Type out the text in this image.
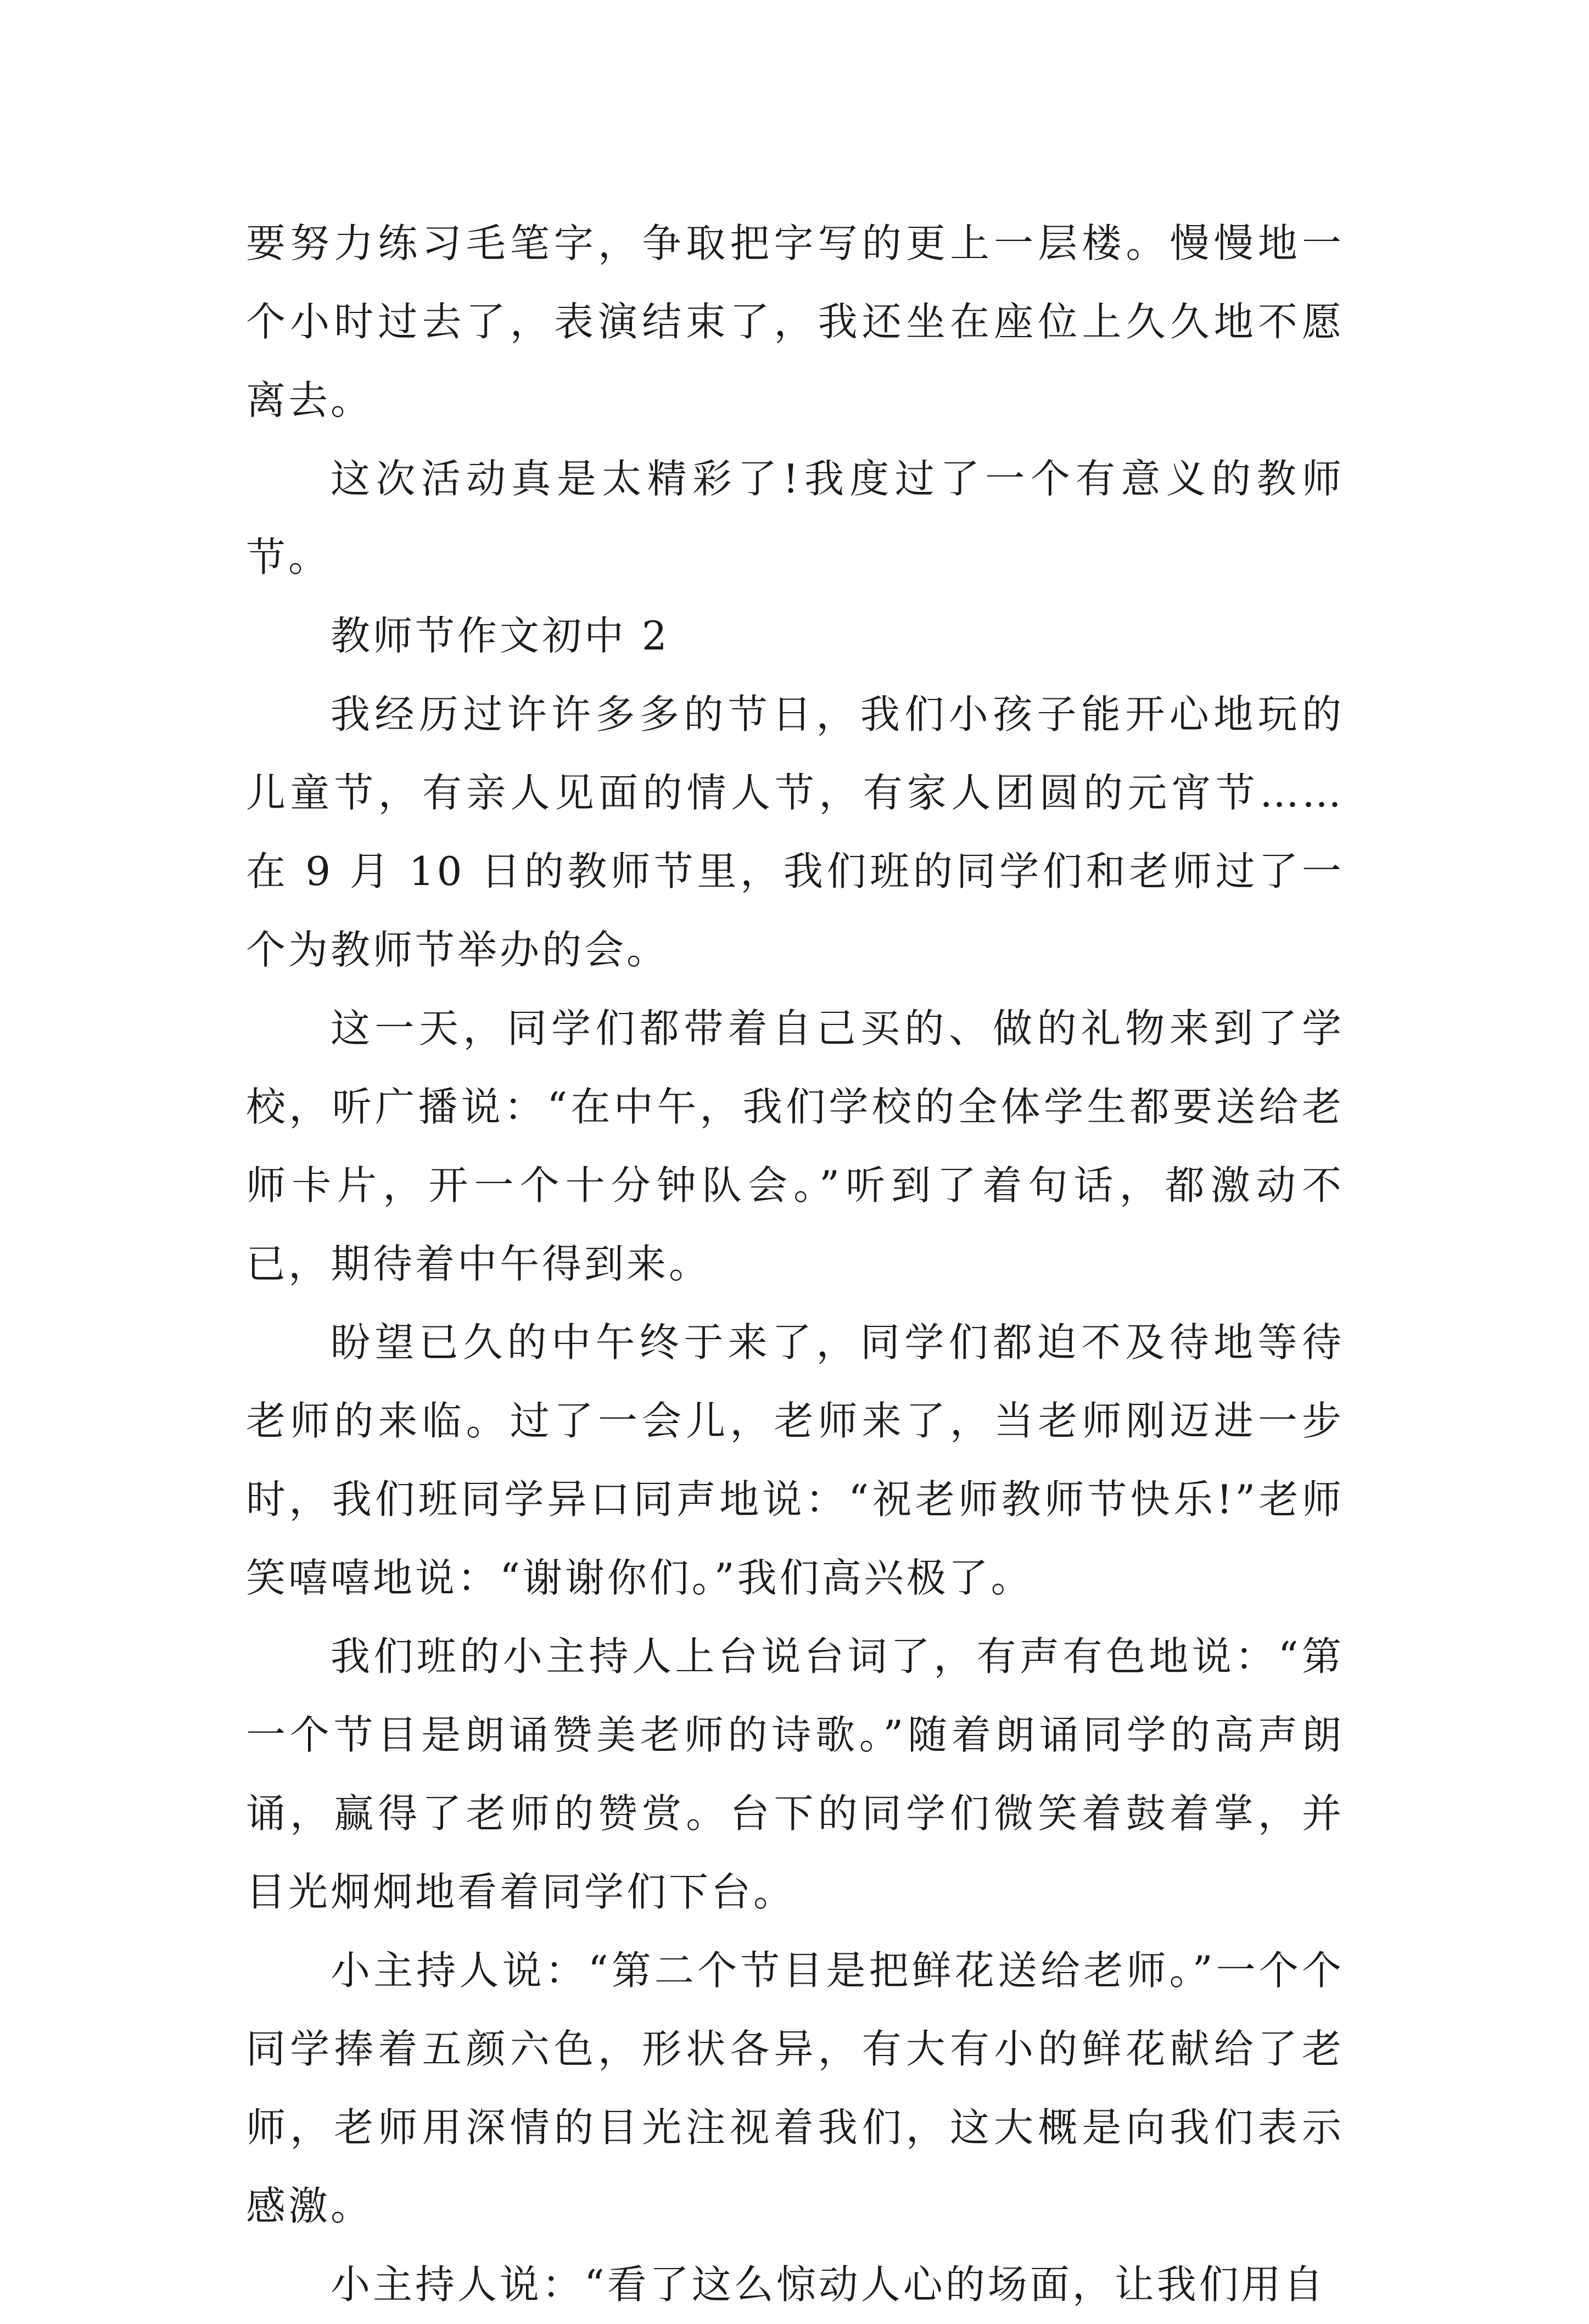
要努力练习毛笔字，争取把字写的更上一层楼。慢慢地一个小时过去了，表演结束了，我还坐在座位上久久地不愿离去。

这次活动真是太精彩了!我度过了一个有意义的教师节。

教师节作文初中 2

我经历过许许多多的节日，我们小孩子能开心地玩的儿童节，有亲人见面的情人节，有家人团圆的元宵节……在 9 月 10 日的教师节里，我们班的同学们和老师过了一个为教师节举办的会。

这一天，同学们都带着自己买的、做的礼物来到了学校，听广播说：“在中午，我们学校的全体学生都要送给老师卡片，开一个十分钟队会。”听到了着句话，都激动不已，期待着中午得到来。

盼望已久的中午终于来了，同学们都迫不及待地等待老师的来临。过了一会儿，老师来了，当老师刚迈进一步时，我们班同学异口同声地说：“祝老师教师节快乐!”老师笑嘻嘻地说：“谢谢你们。”我们高兴极了。

我们班的小主持人上台说台词了，有声有色地说：“第一个节目是朗诵赞美老师的诗歌。”随着朗诵同学的高声朗诵，赢得了老师的赞赏。台下的同学们微笑着鼓着掌，并目光炯炯地看着同学们下台。

小主持人说：“第二个节目是把鲜花送给老师。”一个个同学捧着五颜六色，形状各异，有大有小的鲜花献给了老师，老师用深情的目光注视着我们，这大概是向我们表示感激。

小主持人说：“看了这么惊动人心的场面，让我们用自
